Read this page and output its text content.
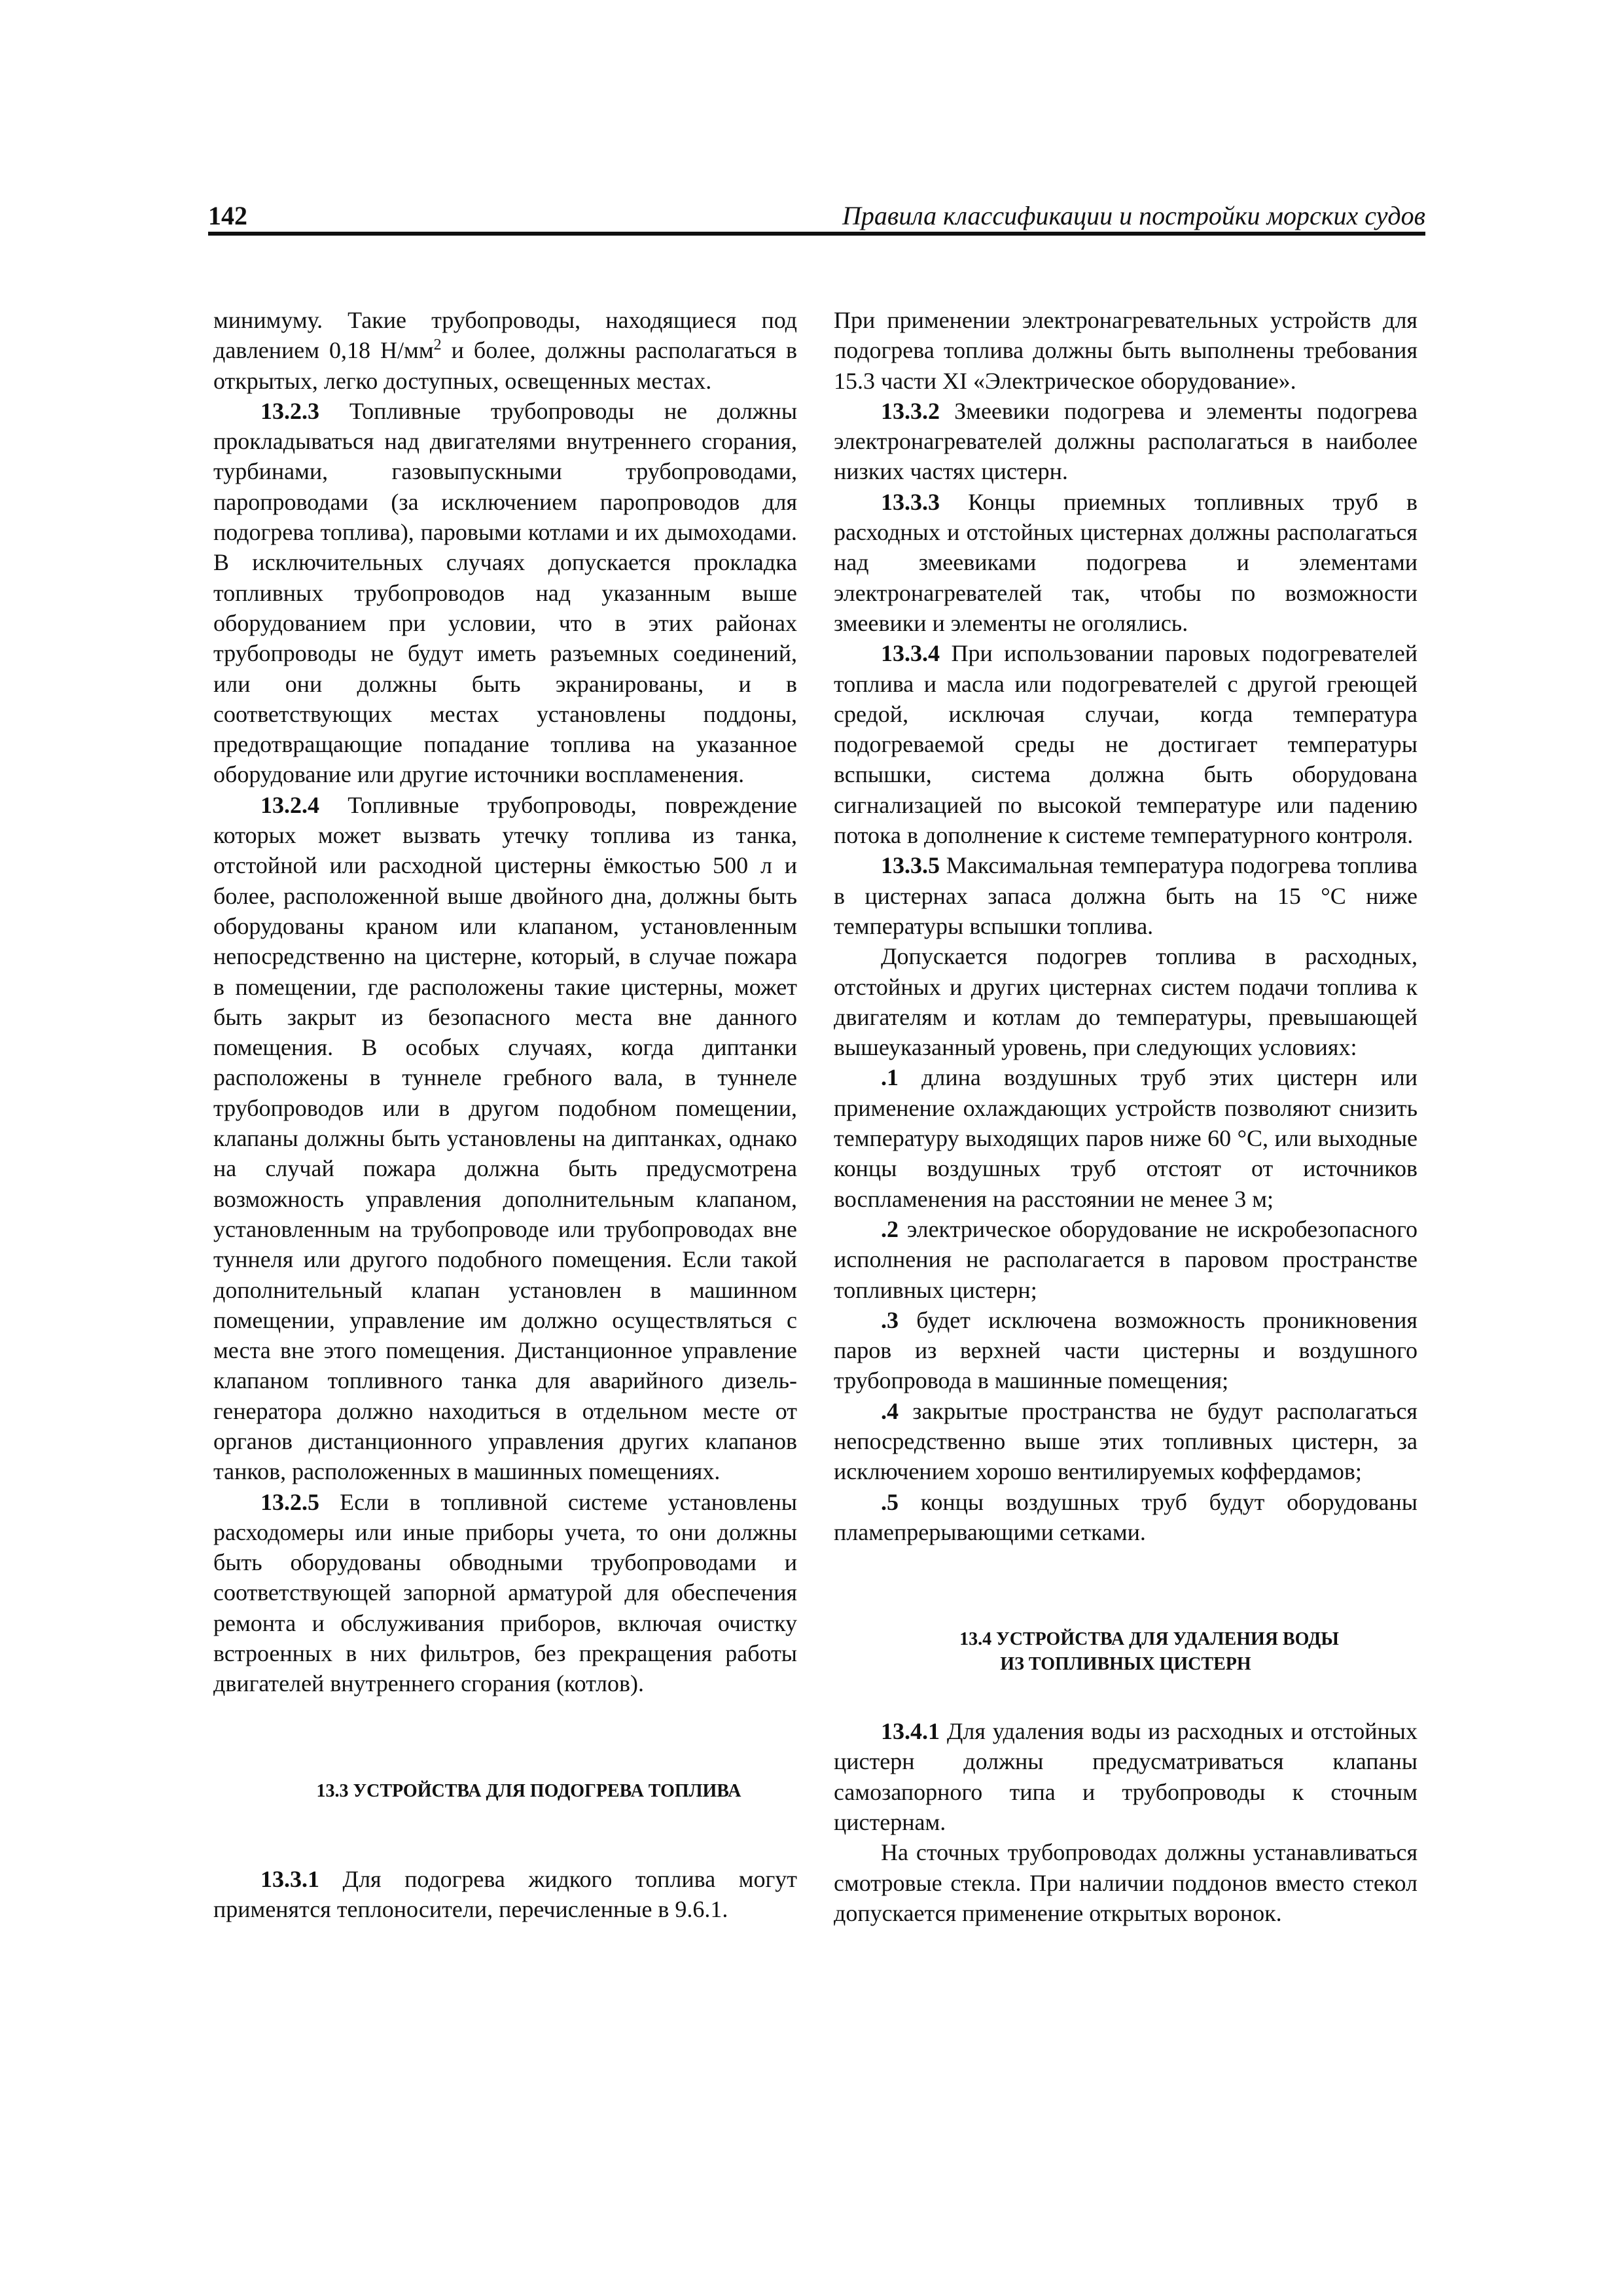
142	Правила классификации и постройки морских судов

минимуму. Такие трубопроводы, находящиеся под давлением 0,18 $Н/мм^2$ и более, должны располагаться в открытых, легко доступных, освещенных местах.

13.2.3 Топливные трубопроводы не должны прокладываться над двигателями внутреннего сгорания, турбинами, газовыпускными трубопроводами, паропроводами (за исключением паропроводов для подогрева топлива), паровыми котлами и их дымоходами. В исключительных случаях допускается прокладка топливных трубопроводов над указанным выше оборудованием при условии, что в этих районах трубопроводы не будут иметь разъемных соединений, или они должны быть экранированы, и в соответствующих местах установлены поддоны, предотвращающие попадание топлива на указанное оборудование или другие источники воспламенения.

13.2.4 Топливные трубопроводы, повреждение которых может вызвать утечку топлива из танка, отстойной или расходной цистерны ёмкостью 500 л и более, расположенной выше двойного дна, должны быть оборудованы краном или клапаном, установленным непосредственно на цистерне, который, в случае пожара в помещении, где расположены такие цистерны, может быть закрыт из безопасного места вне данного помещения. В особых случаях, когда диптанки расположены в туннеле гребного вала, в туннеле трубопроводов или в другом подобном помещении, клапаны должны быть установлены на диптанках, однако на случай пожара должна быть предусмотрена возможность управления дополнительным клапаном, установленным на трубопроводе или трубопроводах вне туннеля или другого подобного помещения. Если такой дополнительный клапан установлен в машинном помещении, управление им должно осуществляться с места вне этого помещения. Дистанционное управление клапаном топливного танка для аварийного дизель-генератора должно находиться в отдельном месте от органов дистанционного управления других клапанов танков, расположенных в машинных помещениях.

13.2.5 Если в топливной системе установлены расходомеры или иные приборы учета, то они должны быть оборудованы обводными трубопроводами и соответствующей запорной арматурой для обеспечения ремонта и обслуживания приборов, включая очистку встроенных в них фильтров, без прекращения работы двигателей внутреннего сгорания (котлов).

13.3 УСТРОЙСТВА ДЛЯ ПОДОГРЕВА ТОПЛИВА

13.3.1 Для подогрева жидкого топлива могут применятся теплоносители, перечисленные в 9.6.1.

При применении электронагревательных устройств для подогрева топлива должны быть выполнены требования 15.3 части XI «Электрическое оборудование».

13.3.2 Змеевики подогрева и элементы подогрева электронагревателей должны располагаться в наиболее низких частях цистерн.

13.3.3 Концы приемных топливных труб в расходных и отстойных цистернах должны располагаться над змеевиками подогрева и элементами электронагревателей так, чтобы по возможности змеевики и элементы не оголялись.

13.3.4 При использовании паровых подогревателей топлива и масла или подогревателей с другой греющей средой, исключая случаи, когда температура подогреваемой среды не достигает температуры вспышки, система должна быть оборудована сигнализацией по высокой температуре или падению потока в дополнение к системе температурного контроля.

13.3.5 Максимальная температура подогрева топлива в цистернах запаса должна быть на 15 °С ниже температуры вспышки топлива.

Допускается подогрев топлива в расходных, отстойных и других цистернах систем подачи топлива к двигателям и котлам до температуры, превышающей вышеуказанный уровень, при следующих условиях:

.1 длина воздушных труб этих цистерн или применение охлаждающих устройств позволяют снизить температуру выходящих паров ниже 60 °С, или выходные концы воздушных труб отстоят от источников воспламенения на расстоянии не менее 3 м;

.2 электрическое оборудование не искробезопасного исполнения не располагается в паровом пространстве топливных цистерн;

.3 будет исключена возможность проникновения паров из верхней части цистерны и воздушного трубопровода в машинные помещения;

.4 закрытые пространства не будут располагаться непосредственно выше этих топливных цистерн, за исключением хорошо вентилируемых коффердамов;

.5 концы воздушных труб будут оборудованы пламепрерывающими сетками.

13.4 УСТРОЙСТВА ДЛЯ УДАЛЕНИЯ ВОДЫ
ИЗ ТОПЛИВНЫХ ЦИСТЕРН

13.4.1 Для удаления воды из расходных и отстойных цистерн должны предусматриваться клапаны самозапорного типа и трубопроводы к сточным цистернам.

На сточных трубопроводах должны устанавливаться смотровые стекла. При наличии поддонов вместо стекол допускается применение открытых воронок.
